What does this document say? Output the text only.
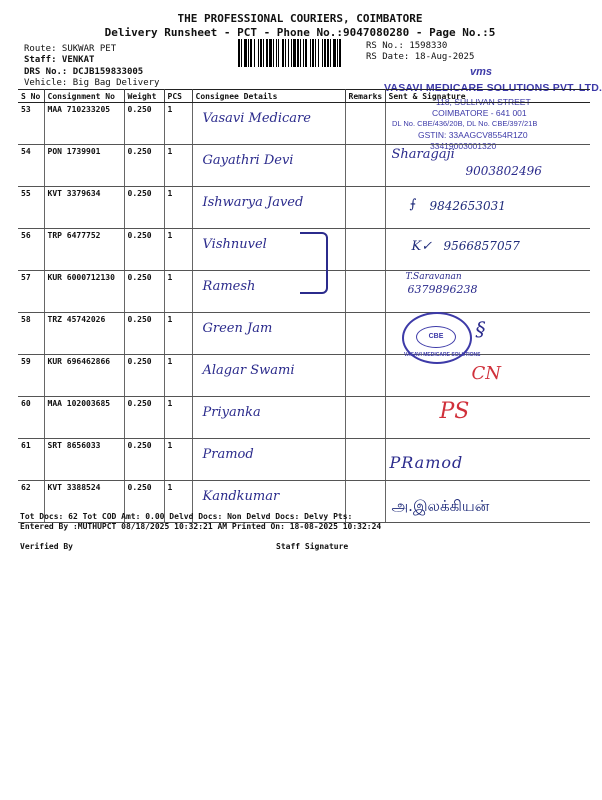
THE PROFESSIONAL COURIERS, COIMBATORE
Delivery Runsheet - PCT - Phone No.:9047080280 - Page No.:5
Route: SUKWAR PET
Staff: VENKAT
DRS No.: DCJB159833005
Vehicle: Big Bag Delivery
RS No.: 1598330
RS Date: 18-Aug-2025
vms
VASAVI MEDICARE SOLUTIONS PVT. LTD.
118, SULLIVAN STREET
COIMBATORE - 641 001
DL No. CBE/436/20B, DL No. CBE/397/21B
GSTIN: 33AAGCV8554R1Z0
33419003001320
S No	Consignment No	Weight	PCS	Consignee Details	Remarks	Sent & Signature
53	MAA 710233205	0.250	1	Vasavi Medicare		

54	PON 1739901	0.250	1	Gayathri Devi		Sharagaji
9003802496

55	KVT 3379634	0.250	1	Ishwarya Javed		⨍ 9842653031

56	TRP 6477752	0.250	1	Vishnuvel		K✓ 9566857057

57	KUR 6000712130	0.250	1	Ramesh		T.Saravanan
6379896238

58	TRZ 45742026	0.250	1	Green Jam		§

59	KUR 696462866	0.250	1	Alagar Swami		CN

60	MAA 102003685	0.250	1	Priyanka		PS

61	SRT 8656033	0.250	1	Pramod		PRamod

62	KVT 3388524	0.250	1	Kandkumar		அ.இலக்கியன்
CBE
VASAVI MEDICARE SOLUTIONS
Tot Docs: 62 Tot COD Amt: 0.00 Delvd Docs: Non Delvd Docs: Delvy Pts:
Entered By :MUTHUPCT 08/18/2025 10:32:21 AM Printed On: 18-08-2025 10:32:24
Verified By	Staff Signature
